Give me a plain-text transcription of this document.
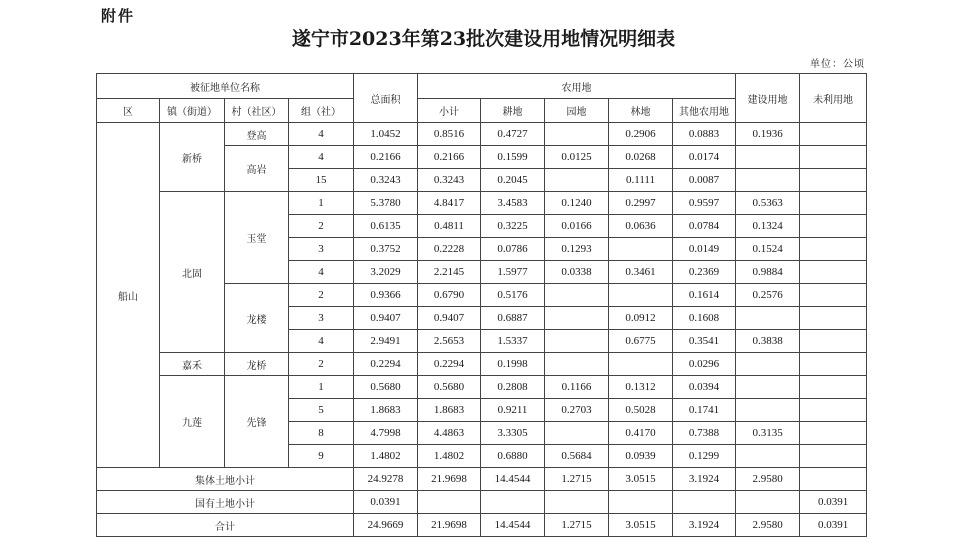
附件
遂宁市2023年第23批次建设用地情况明细表
单位：公顷
被征地单位名称				总面积	农用地					建设用地	未利用地
区	镇（街道）	村（社区）	组（社）		小计	耕地	园地	林地	其他农用地		
船山	新桥	登高	4	1.0452	0.8516	0.4727		0.2906	0.0883	0.1936	
		高岩	4	0.2166	0.2166	0.1599	0.0125	0.0268	0.0174		
			15	0.3243	0.3243	0.2045		0.1111	0.0087		
	北固	玉堂	1	5.3780	4.8417	3.4583	0.1240	0.2997	0.9597	0.5363	
			2	0.6135	0.4811	0.3225	0.0166	0.0636	0.0784	0.1324	
			3	0.3752	0.2228	0.0786	0.1293		0.0149	0.1524	
			4	3.2029	2.2145	1.5977	0.0338	0.3461	0.2369	0.9884	
		龙楼	2	0.9366	0.6790	0.5176			0.1614	0.2576	
			3	0.9407	0.9407	0.6887		0.0912	0.1608		
			4	2.9491	2.5653	1.5337		0.6775	0.3541	0.3838	
	嘉禾	龙桥	2	0.2294	0.2294	0.1998			0.0296		
	九莲	先锋	1	0.5680	0.5680	0.2808	0.1166	0.1312	0.0394		
			5	1.8683	1.8683	0.9211	0.2703	0.5028	0.1741		
			8	4.7998	4.4863	3.3305		0.4170	0.7388	0.3135	
			9	1.4802	1.4802	0.6880	0.5684	0.0939	0.1299		
集体土地小计				24.9278	21.9698	14.4544	1.2715	3.0515	3.1924	2.9580	
国有土地小计				0.0391							0.0391
合计				24.9669	21.9698	14.4544	1.2715	3.0515	3.1924	2.9580	0.0391
